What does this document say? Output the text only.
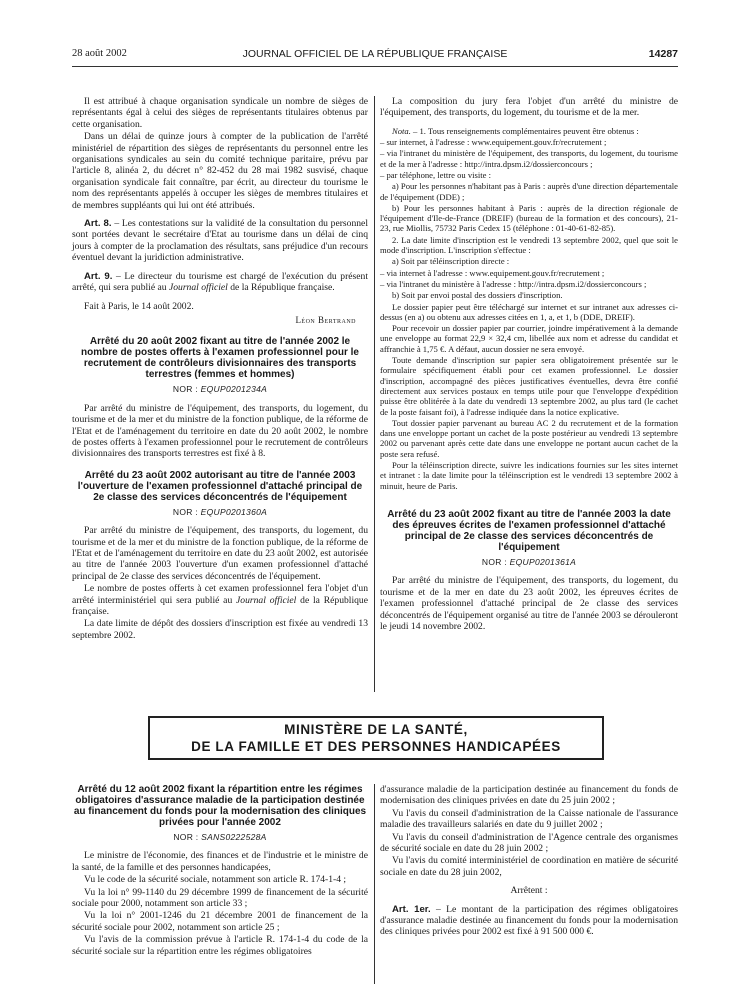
28 août 2002	JOURNAL OFFICIEL DE LA RÉPUBLIQUE FRANÇAISE	14287

Il est attribué à chaque organisation syndicale un nombre de sièges de représentants égal à celui des sièges de représentants titulaires obtenus par cette organisation.

Dans un délai de quinze jours à compter de la publication de l'arrêté ministériel de répartition des sièges de représentants du personnel entre les organisations syndicales au sein du comité technique paritaire, prévu par l'article 8, alinéa 2, du décret n° 82-452 du 28 mai 1982 susvisé, chaque organisation syndicale fait connaître, par écrit, au directeur du tourisme le nom des représentants appelés à occuper les sièges de membres titulaires et de membres suppléants qui lui ont été attribués.

Art. 8. – Les contestations sur la validité de la consultation du personnel sont portées devant le secrétaire d'Etat au tourisme dans un délai de cinq jours à compter de la proclamation des résultats, sans préjudice d'un recours éventuel devant la juridiction administrative.

Art. 9. – Le directeur du tourisme est chargé de l'exécution du présent arrêté, qui sera publié au Journal officiel de la République française.

Fait à Paris, le 14 août 2002.

Léon Bertrand
Arrêté du 20 août 2002 fixant au titre de l'année 2002 le nombre de postes offerts à l'examen professionnel pour le recrutement de contrôleurs divisionnaires des transports terrestres (femmes et hommes)
NOR : EQUP0201234A

Par arrêté du ministre de l'équipement, des transports, du logement, du tourisme et de la mer et du ministre de la fonction publique, de la réforme de l'Etat et de l'aménagement du territoire en date du 20 août 2002, le nombre de postes offerts à l'examen professionnel pour le recrutement de contrôleurs divisionnaires des transports terrestres est fixé à 8.

Arrêté du 23 août 2002 autorisant au titre de l'année 2003 l'ouverture de l'examen professionnel d'attaché principal de 2e classe des services déconcentrés de l'équipement
NOR : EQUP0201360A

Par arrêté du ministre de l'équipement, des transports, du logement, du tourisme et de la mer et du ministre de la fonction publique, de la réforme de l'Etat et de l'aménagement du territoire en date du 23 août 2002, est autorisée au titre de l'année 2003 l'ouverture d'un examen professionnel d'attaché principal de 2e classe des services déconcentrés de l'équipement.

Le nombre de postes offerts à cet examen professionnel fera l'objet d'un arrêté interministériel qui sera publié au Journal officiel de la République française.

La date limite de dépôt des dossiers d'inscription est fixée au vendredi 13 septembre 2002.

La composition du jury fera l'objet d'un arrêté du ministre de l'équipement, des transports, du logement, du tourisme et de la mer.

Nota. – 1. Tous renseignements complémentaires peuvent être obtenus :

– sur internet, à l'adresse : www.equipement.gouv.fr/recrutement ;

– via l'intranet du ministère de l'équipement, des transports, du logement, du tourisme et de la mer à l'adresse : http://intra.dpsm.i2/dossierconcours ;

– par téléphone, lettre ou visite :

a) Pour les personnes n'habitant pas à Paris : auprès d'une direction départementale de l'équipement (DDE) ;

b) Pour les personnes habitant à Paris : auprès de la direction régionale de l'équipement d'Ile-de-France (DREIF) (bureau de la formation et des concours), 21-23, rue Miollis, 75732 Paris Cedex 15 (téléphone : 01-40-61-82-85).

2. La date limite d'inscription est le vendredi 13 septembre 2002, quel que soit le mode d'inscription. L'inscription s'effectue :

a) Soit par téléinscription directe :

– via internet à l'adresse : www.equipement.gouv.fr/recrutement ;

– via l'intranet du ministère à l'adresse : http://intra.dpsm.i2/dossierconcours ;

b) Soit par envoi postal des dossiers d'inscription.

Le dossier papier peut être téléchargé sur internet et sur intranet aux adresses ci-dessus (en a) ou obtenu aux adresses citées en 1, a, et 1, b (DDE, DREIF).

Pour recevoir un dossier papier par courrier, joindre impérativement à la demande une enveloppe au format 22,9 × 32,4 cm, libellée aux nom et adresse du candidat et affranchie à 1,75 €. A défaut, aucun dossier ne sera envoyé.

Toute demande d'inscription sur papier sera obligatoirement présentée sur le formulaire spécifiquement établi pour cet examen professionnel. Le dossier d'inscription, accompagné des pièces justificatives éventuelles, devra être confié directement aux services postaux en temps utile pour que l'enveloppe d'expédition puisse être oblitérée à la date du vendredi 13 septembre 2002, au plus tard (le cachet de la poste faisant foi), à l'adresse indiquée dans la notice explicative.

Tout dossier papier parvenant au bureau AC 2 du recrutement et de la formation dans une enveloppe portant un cachet de la poste postérieur au vendredi 13 septembre 2002 ou parvenant après cette date dans une enveloppe ne portant aucun cachet de la poste sera refusé.

Pour la téléinscription directe, suivre les indications fournies sur les sites internet et intranet : la date limite pour la téléinscription est le vendredi 13 septembre 2002 à minuit, heure de Paris.

Arrêté du 23 août 2002 fixant au titre de l'année 2003 la date des épreuves écrites de l'examen professionnel d'attaché principal de 2e classe des services déconcentrés de l'équipement
NOR : EQUP0201361A

Par arrêté du ministre de l'équipement, des transports, du logement, du tourisme et de la mer en date du 23 août 2002, les épreuves écrites de l'examen professionnel d'attaché principal de 2e classe des services déconcentrés de l'équipement organisé au titre de l'année 2003 se dérouleront le jeudi 14 novembre 2002.

MINISTÈRE DE LA SANTÉ,
DE LA FAMILLE ET DES PERSONNES HANDICAPÉES
Arrêté du 12 août 2002 fixant la répartition entre les régimes obligatoires d'assurance maladie de la participation destinée au financement du fonds pour la modernisation des cliniques privées pour l'année 2002
NOR : SANS0222528A

Le ministre de l'économie, des finances et de l'industrie et le ministre de la santé, de la famille et des personnes handicapées,

Vu le code de la sécurité sociale, notamment son article R. 174-1-4 ;

Vu la loi n° 99-1140 du 29 décembre 1999 de financement de la sécurité sociale pour 2000, notamment son article 33 ;

Vu la loi n° 2001-1246 du 21 décembre 2001 de financement de la sécurité sociale pour 2002, notamment son article 25 ;

Vu l'avis de la commission prévue à l'article R. 174-1-4 du code de la sécurité sociale sur la répartition entre les régimes obligatoires

d'assurance maladie de la participation destinée au financement du fonds de modernisation des cliniques privées en date du 25 juin 2002 ;

Vu l'avis du conseil d'administration de la Caisse nationale de l'assurance maladie des travailleurs salariés en date du 9 juillet 2002 ;

Vu l'avis du conseil d'administration de l'Agence centrale des organismes de sécurité sociale en date du 28 juin 2002 ;

Vu l'avis du comité interministériel de coordination en matière de sécurité sociale en date du 28 juin 2002,

Arrêtent :

Art. 1er. – Le montant de la participation des régimes obligatoires d'assurance maladie destinée au financement du fonds pour la modernisation des cliniques privées pour 2002 est fixé à 91 500 000 €.
